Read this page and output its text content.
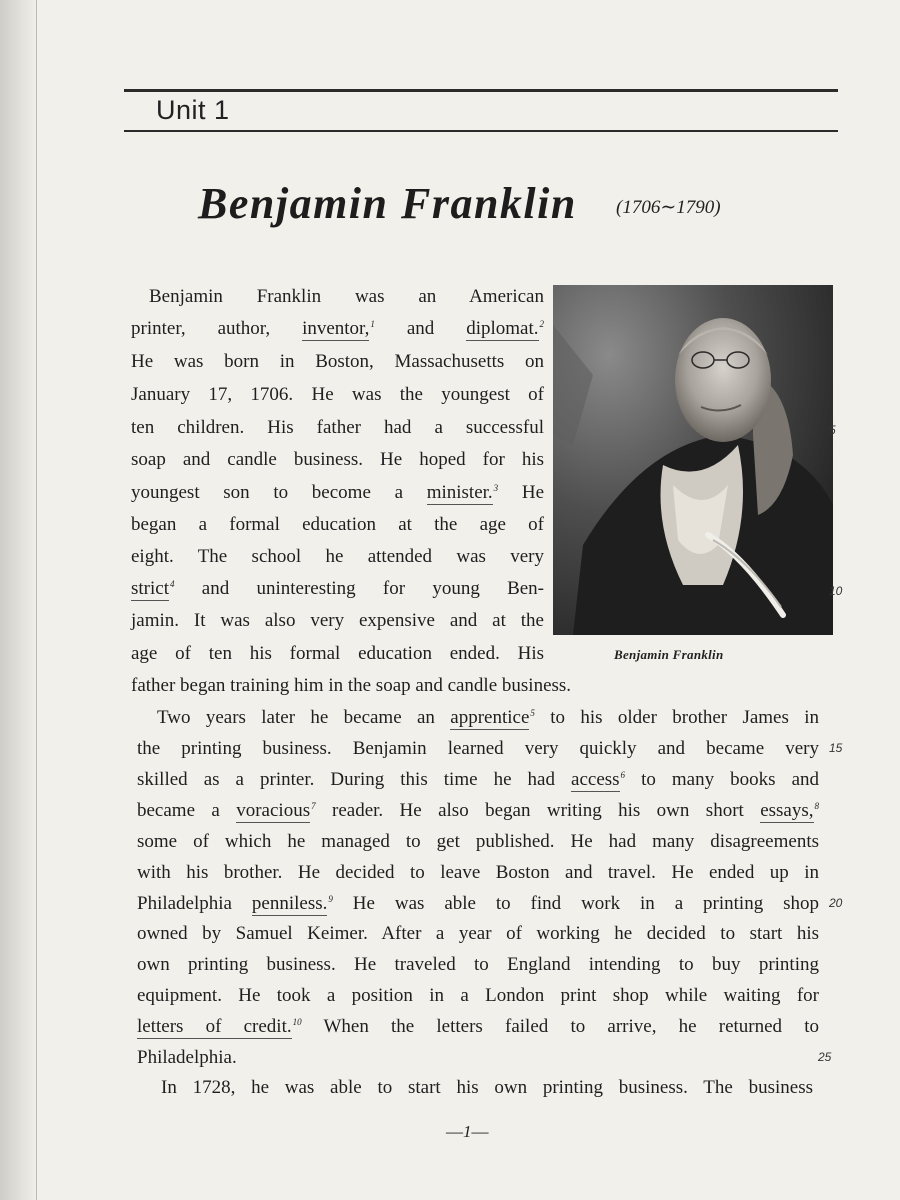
Unit 1
Benjamin Franklin (1706∼1790)
Benjamin Franklin
Benjamin Franklin was an American
printer, author, inventor,$^1$ and diplomat.$^2$
He was born in Boston, Massachusetts on
January 17, 1706. He was the youngest of
ten children. His father had a successful
soap and candle business. He hoped for his
youngest son to become a minister.$^3$ He
began a formal education at the age of
eight. The school he attended was very
strict$^4$ and uninteresting for young Ben-
jamin. It was also very expensive and at the
age of ten his formal education ended. His
father began training him in the soap and candle business.
Two years later he became an apprentice$^5$ to his older brother James in
the printing business. Benjamin learned very quickly and became very
skilled as a printer. During this time he had access$^6$ to many books and
became a voracious$^7$ reader. He also began writing his own short essays,$^8$
some of which he managed to get published. He had many disagreements
with his brother. He decided to leave Boston and travel. He ended up in
Philadelphia penniless.$^9$ He was able to find work in a printing shop
owned by Samuel Keimer. After a year of working he decided to start his
own printing business. He traveled to England intending to buy printing
equipment. He took a position in a London print shop while waiting for
letters of credit.$^{10}$ When the letters failed to arrive, he returned to
Philadelphia.
In 1728, he was able to start his own printing business. The business
5
10
15
20
25
—1—
